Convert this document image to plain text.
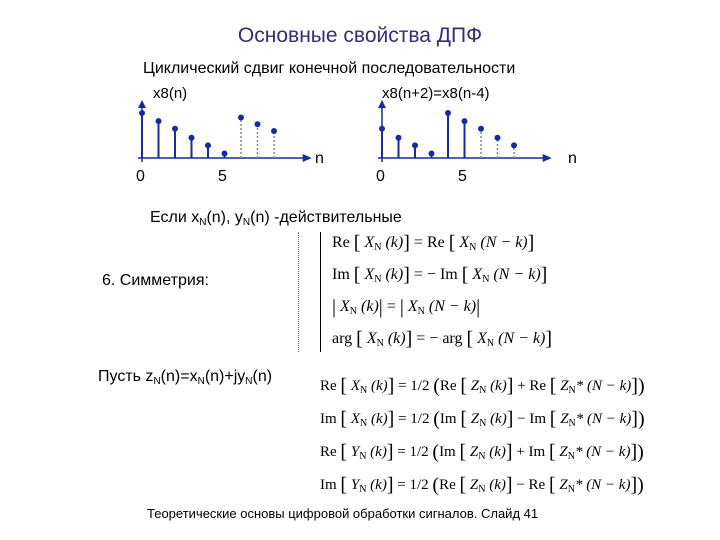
Основные свойства ДПФ
Циклический сдвиг конечной последовательности
x8(n)
0	5
n
x8(n+2)=x8(n-4)
0	5
n
Если $x_N(n)$, $y_N(n)$ -действительные
6. Симметрия:
Re [ $X_N$ (k)] = Re [ $X_N$ (N − k)]
Im [ $X_N$ (k)] = − Im [ $X_N$ (N − k)]
| $X_N$ (k)| = | $X_N$ (N − k)|
arg [ $X_N$ (k)] = − arg [ $X_N$ (N − k)]
Пусть $z_N(n)=x_N(n)+jy_N(n)$
Re [ $X_N$ (k)] = 1/2 (Re [ $Z_N$ (k)] + Re [ $Z_N*$ (N − k)])
Im [ $X_N$ (k)] = 1/2 (Im [ $Z_N$ (k)] − Im [ $Z_N*$ (N − k)])
Re [ $Y_N$ (k)] = 1/2 (Im [ $Z_N$ (k)] + Im [ $Z_N*$ (N − k)])
Im [ $Y_N$ (k)] = 1/2 (Re [ $Z_N$ (k)] − Re [ $Z_N*$ (N − k)])
Теоретические основы цифровой обработки сигналов. Слайд 41
